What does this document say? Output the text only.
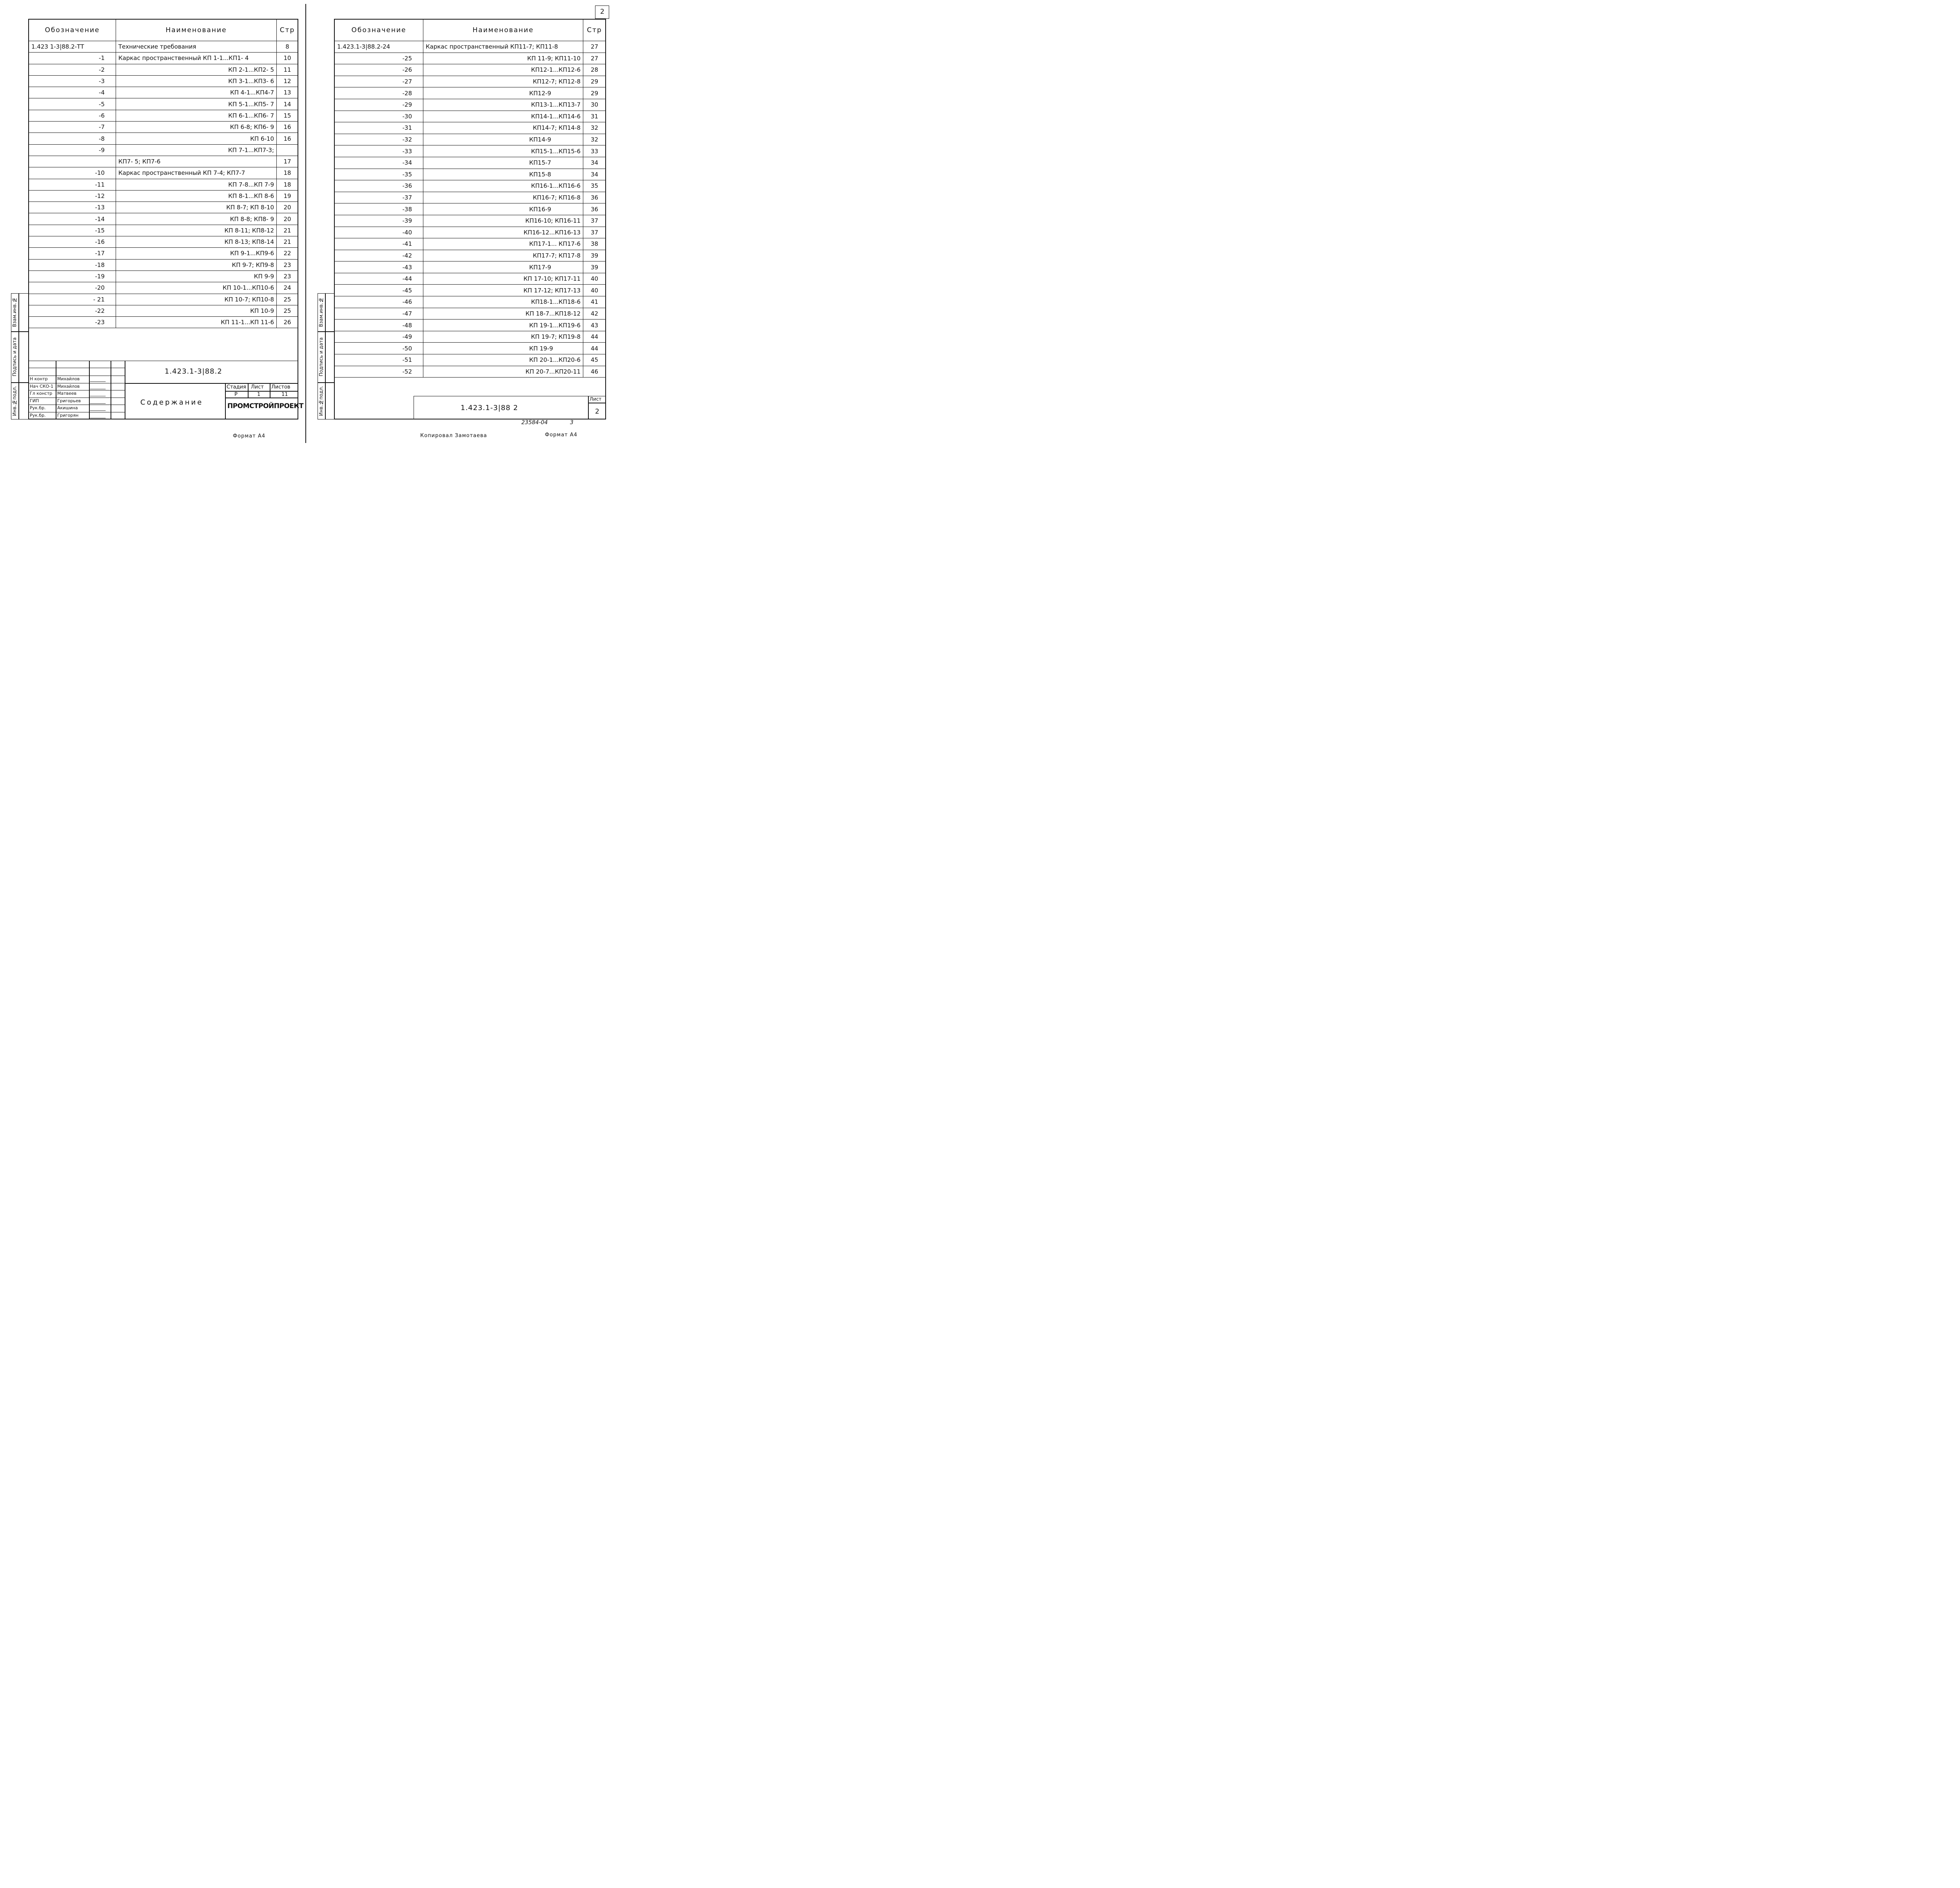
Обозначение	Наименование	Стр
1.423 1-3|88.2-ТТ	Технические требования	8
-1	Каркас пространственный КП 1-1...КП1- 4	10
-2	КП 2-1...КП2- 5	11
-3	КП 3-1...КП3- 6	12
-4	КП 4-1...КП4-7	13
-5	КП 5-1...КП5- 7	14
-6	КП 6-1...КП6- 7	15
-7	КП 6-8; КП6- 9	16
-8	КП 6-10	16
-9	КП 7-1...КП7-3;	
	КП7- 5; КП7-6	17
-10	Каркас пространственный КП 7-4; КП7-7	18
-11	КП 7-8...КП 7-9	18
-12	КП 8-1...КП 8-6	19
-13	КП 8-7; КП 8-10	20
-14	КП 8-8; КП8- 9	20
-15	КП 8-11; КП8-12	21
-16	КП 8-13; КП8-14	21
-17	КП 9-1...КП9-6	22
-18	КП 9-7; КП9-8	23
-19	КП 9-9	23
-20	КП 10-1...КП10-6	24
- 21	КП 10-7; КП10-8	25
-22	КП 10-9	25
-23	КП 11-1...КП 11-6	26
Взам.инв.№
Подпись и дата
Инв.№подл.
1.423.1-3|88.2
Содержание
Стадия Лист Листов
Р	1	11
ПРОМСТРОЙПРОЕКТ
Н контр Михайлов
Нач СКО-1 Михайлов
Гл констр Матвеев
ГИП	Григорьев
Рук.бр.	Акишина
Рук.бр.	Григорян
Формат А4
2
Обозначение	Наименование	Стр
1.423.1-3|88.2-24	Каркас пространственный КП11-7; КП11-8	27
-25	КП 11-9; КП11-10	27
-26	КП12-1...КП12-6	28
-27	КП12-7; КП12-8	29
-28	КП12-9	29
-29	КП13-1...КП13-7	30
-30	КП14-1...КП14-6	31
-31	КП14-7; КП14-8	32
-32	КП14-9	32
-33	КП15-1...КП15-6	33
-34	КП15-7	34
-35	КП15-8	34
-36	КП16-1...КП16-6	35
-37	КП16-7; КП16-8	36
-38	КП16-9	36
-39	КП16-10; КП16-11	37
-40	КП16-12...КП16-13	37
-41	КП17-1... КП17-6	38
-42	КП17-7; КП17-8	39
-43	КП17-9	39
-44	КП 17-10; КП17-11	40
-45	КП 17-12; КП17-13	40
-46	КП18-1...КП18-6	41
-47	КП 18-7...КП18-12	42
-48	КП 19-1...КП19-6	43
-49	КП 19-7; КП19-8	44
-50	КП 19-9	44
-51	КП 20-1...КП20-6	45
-52	КП 20-7...КП20-11	46
Взам.инв.№
Подпись и дата
Инв.№подл.	Лист
2
1.423.1-3|88 2
23584-04	3
Копировал Замотаева	Формат А4
